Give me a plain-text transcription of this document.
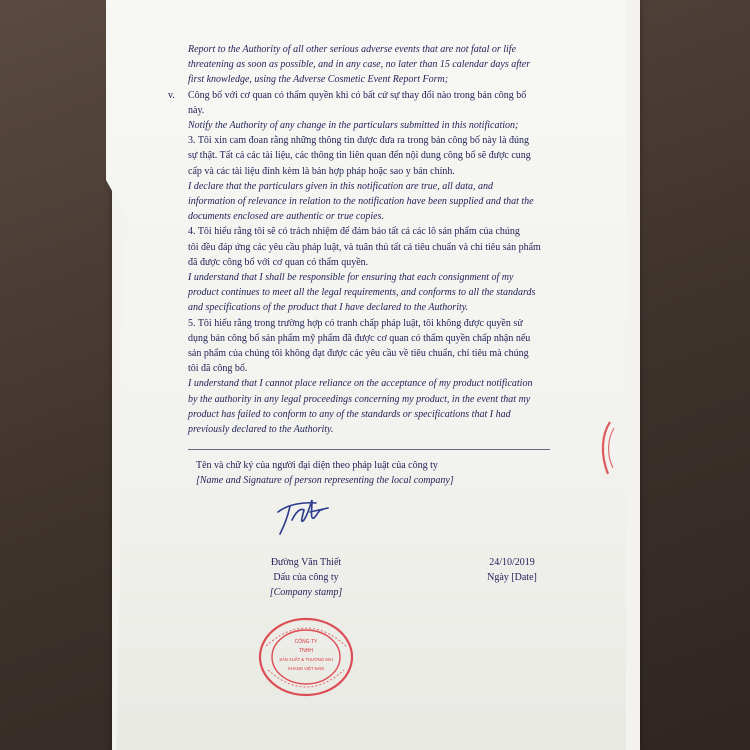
Report to the Authority of all other serious adverse events that are not fatal or life
threatening as soon as possible, and in any case, no later than 15 calendar days after
first knowledge, using the Adverse Cosmetic Event Report Form;
v. Công bố với cơ quan có thẩm quyền khi có bất cứ sự thay đổi nào trong bản công bố
này.
Notify the Authority of any change in the particulars submitted in this notification;
3. Tôi xin cam đoan rằng những thông tin được đưa ra trong bản công bố này là đúng
sự thật. Tất cả các tài liệu, các thông tin liên quan đến nội dung công bố sẽ được cung
cấp và các tài liệu đính kèm là bản hợp pháp hoặc sao y bản chính.
I declare that the particulars given in this notification are true, all data, and
information of relevance in relation to the notification have been supplied and that the
documents enclosed are authentic or true copies.
4. Tôi hiểu rằng tôi sẽ có trách nhiệm để đảm bảo tất cả các lô sản phẩm của chúng
tôi đều đáp ứng các yêu cầu pháp luật, và tuân thủ tất cả tiêu chuẩn và chỉ tiêu sản phẩm
đã được công bố với cơ quan có thẩm quyền.
I understand that I shall be responsible for ensuring that each consignment of my
product continues to meet all the legal requirements, and conforms to all the standards
and specifications of the product that I have declared to the Authority.
5. Tôi hiểu rằng trong trường hợp có tranh chấp pháp luật, tôi không được quyền sử
dụng bản công bố sản phẩm mỹ phẩm đã được cơ quan có thẩm quyền chấp nhận nếu
sản phẩm của chúng tôi không đạt được các yêu cầu về tiêu chuẩn, chỉ tiêu mà chúng
tôi đã công bố.
I understand that I cannot place reliance on the acceptance of my product notification
by the authority in any legal proceedings concerning my product, in the event that my
product has failed to conform to any of the standards or specifications that I had
previously declared to the Authority.
Tên và chữ ký của người đại diện theo pháp luật của công ty
[Name and Signature of person representing the local company]
Đường Văn Thiết
Dấu của công ty
[Company stamp]
24/10/2019
Ngày [Date]
CÔNG TY
TNHH
SẢN XUẤT & THƯƠNG MẠI
KHANG VIỆT NAM
